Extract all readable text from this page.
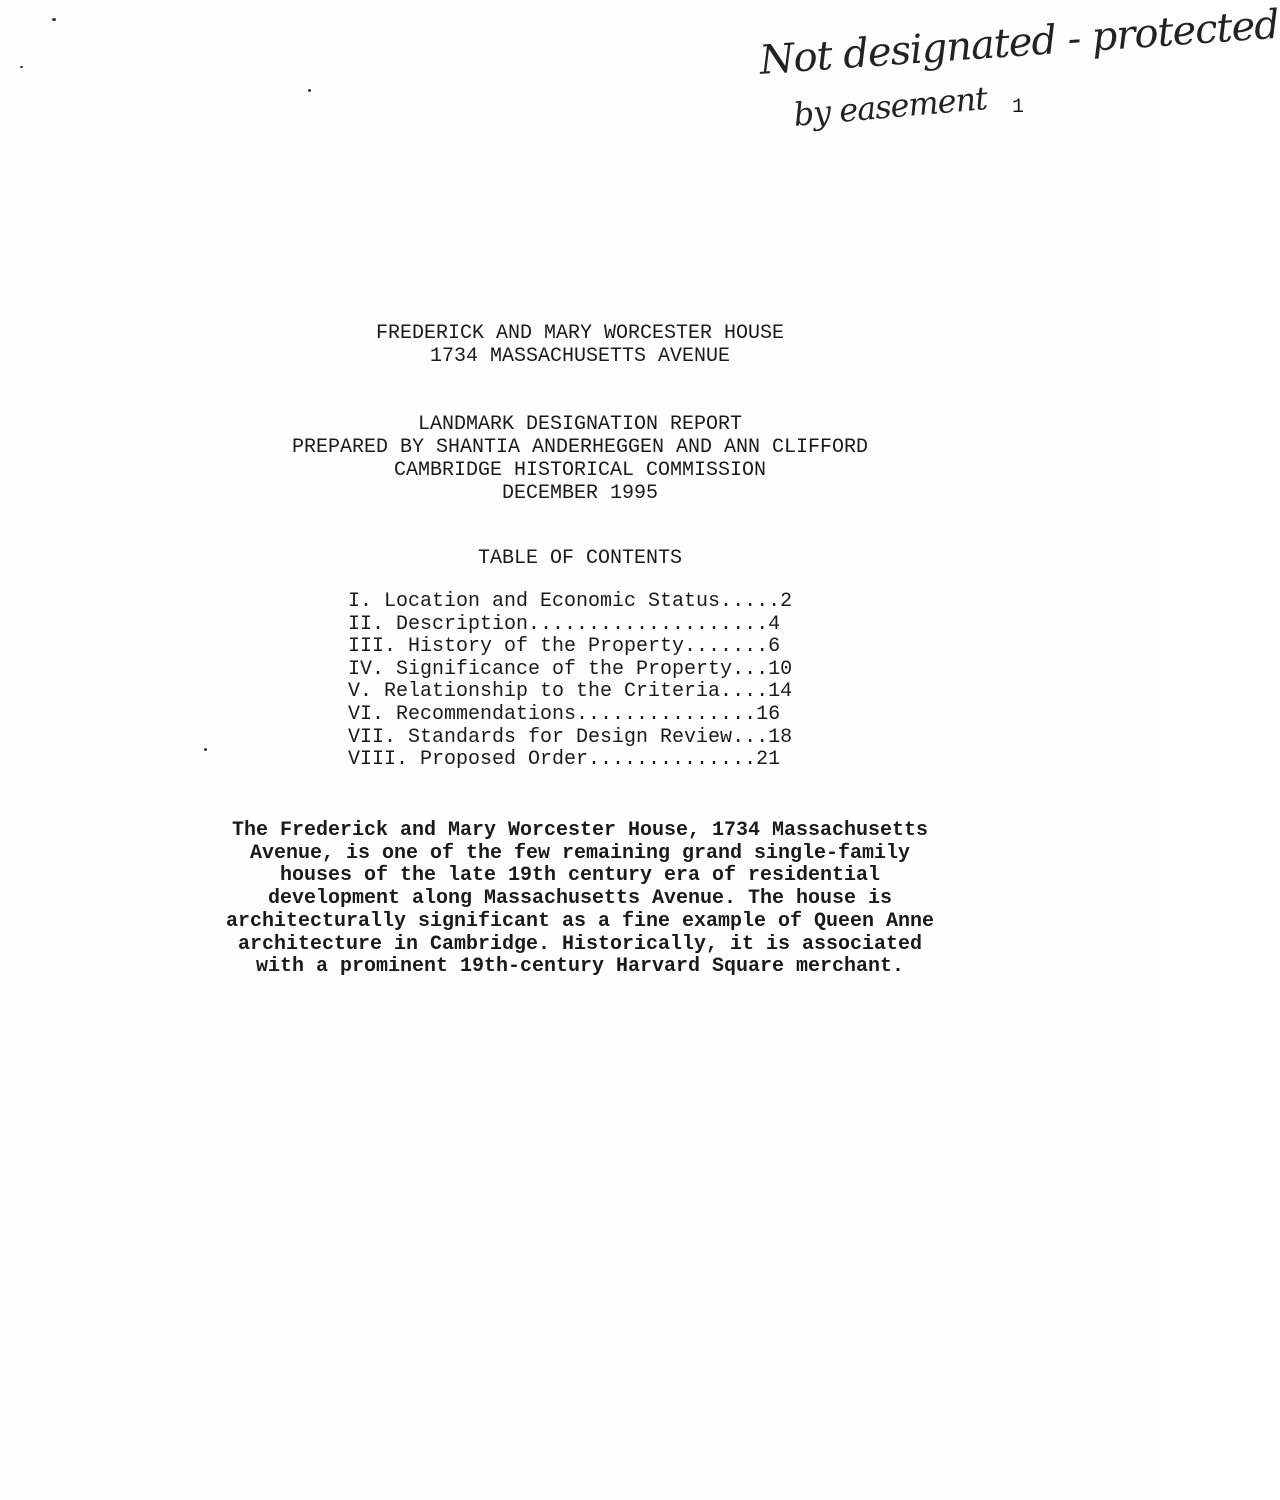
Not designated - protected
by easement 1
FREDERICK AND MARY WORCESTER HOUSE
1734 MASSACHUSETTS AVENUE
LANDMARK DESIGNATION REPORT
PREPARED BY SHANTIA ANDERHEGGEN AND ANN CLIFFORD
CAMBRIDGE HISTORICAL COMMISSION
DECEMBER 1995
TABLE OF CONTENTS
I. Location and Economic Status.....2
II. Description....................4
III. History of the Property.......6
IV. Significance of the Property...10
V. Relationship to the Criteria....14
VI. Recommendations...............16
VII. Standards for Design Review...18
VIII. Proposed Order..............21
The Frederick and Mary Worcester House, 1734 Massachusetts
Avenue, is one of the few remaining grand single-family
houses of the late 19th century era of residential
development along Massachusetts Avenue. The house is
architecturally significant as a fine example of Queen Anne
architecture in Cambridge. Historically, it is associated
with a prominent 19th-century Harvard Square merchant.
